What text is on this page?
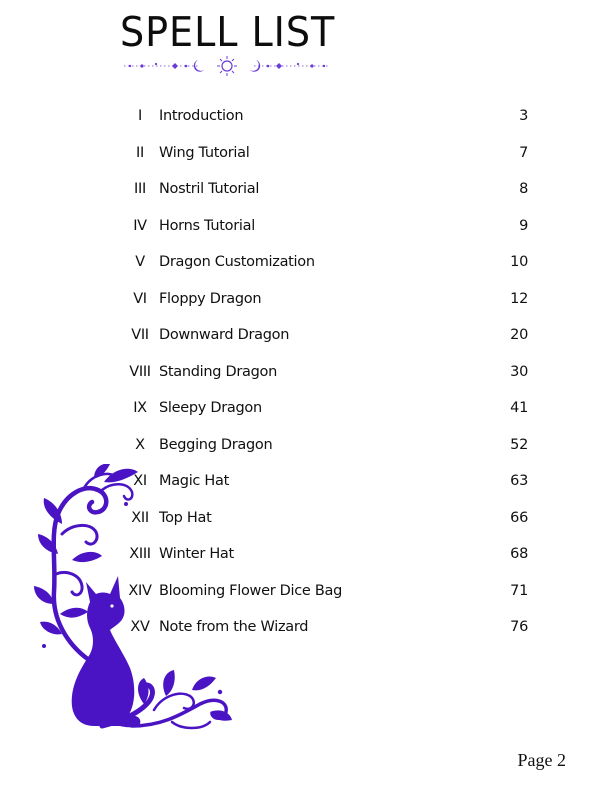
SPELL LIST
I	Introduction	3
II	Wing Tutorial	7
III Nostril Tutorial	8
IV Horns Tutorial	9
V Dragon Customization	10
VI Floppy Dragon	12
VII Downward Dragon	20
VIII Standing Dragon	30
IX Sleepy Dragon	41
X Begging Dragon	52
XI Magic Hat	63
XII Top Hat	66
XIII Winter Hat	68
XIV Blooming Flower Dice Bag	71
XV Note from the Wizard	76
Page 2
